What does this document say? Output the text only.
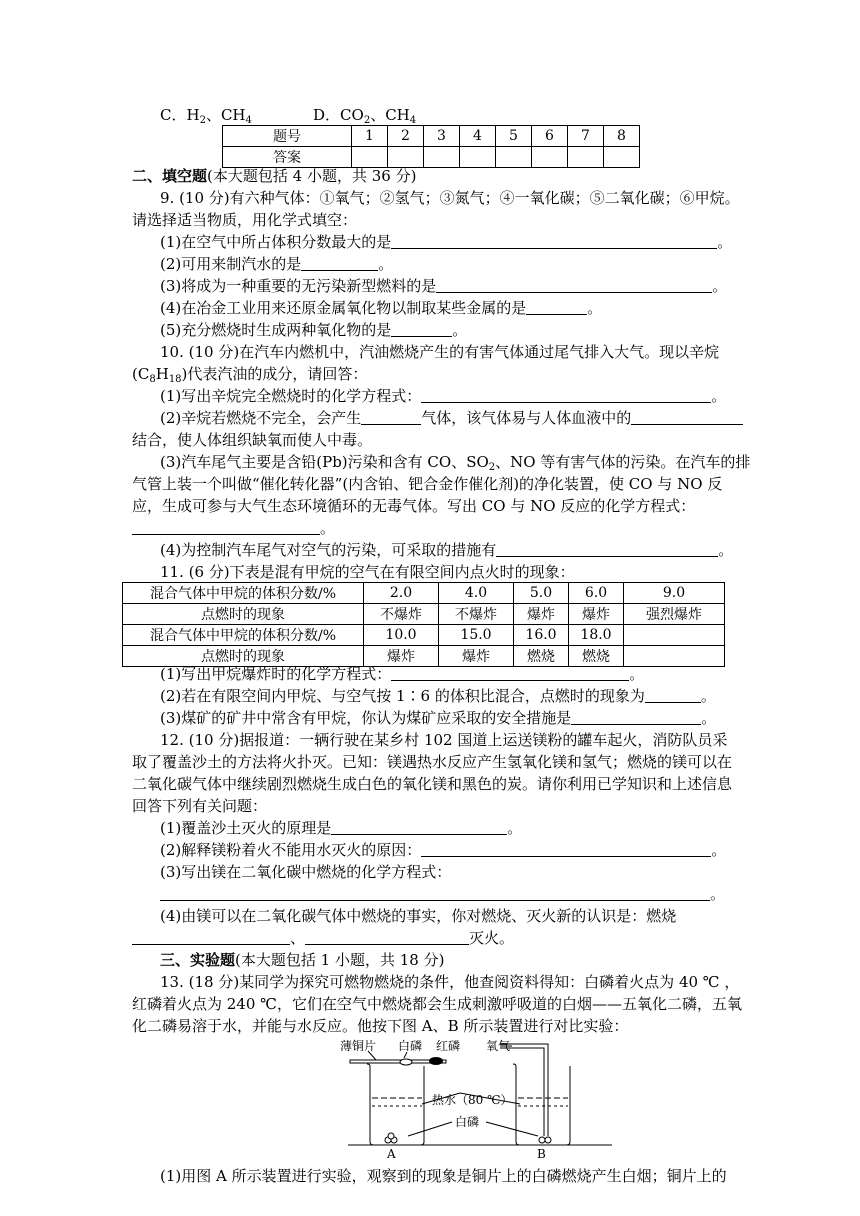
C．$H_2$、$CH_4$	D．$CO_2$、$CH_4$
题号	1	2	3	4	5	6	7	8
答案								
二、填空题(本大题包括 4 小题，共 36 分)
9. (10 分)有六种气体：①氧气；②氢气；③氮气；④一氧化碳；⑤二氧化碳；⑥甲烷。
请选择适当物质，用化学式填空：
(1)在空气中所占体积分数最大的是	。
(2)可用来制汽水的是	。
(3)将成为一种重要的无污染新型燃料的是	。
(4)在冶金工业用来还原金属氧化物以制取某些金属的是	。
(5)充分燃烧时生成两种氧化物的是	。
10. (10 分)在汽车内燃机中，汽油燃烧产生的有害气体通过尾气排入大气。现以辛烷
$(C_8H_{18})$代表汽油的成分，请回答：
(1)写出辛烷完全燃烧时的化学方程式：	。
(2)辛烷若燃烧不完全，会产生	气体，该气体易与人体血液中的
结合，使人体组织缺氧而使人中毒。
(3)汽车尾气主要是含铅(Pb)污染和含有 CO、$SO_2$、NO 等有害气体的污染。在汽车的排
气管上装一个叫做“催化转化器”(内含铂、钯合金作催化剂)的净化装置，使 CO 与 NO 反
应，生成可参与大气生态环境循环的无毒气体。写出 CO 与 NO 反应的化学方程式：
。
(4)为控制汽车尾气对空气的污染，可采取的措施有	。
11. (6 分)下表是混有甲烷的空气在有限空间内点火时的现象：
混合气体中甲烷的体积分数/%	2.0	4.0	5.0	6.0	9.0
点燃时的现象	不爆炸	不爆炸	爆炸	爆炸	强烈爆炸
混合气体中甲烷的体积分数/%	10.0	15.0	16.0	18.0	
点燃时的现象	爆炸	爆炸	燃烧	燃烧	
(1)写出甲烷爆炸时的化学方程式：	。
(2)若在有限空间内甲烷、与空气按 1∶6 的体积比混合，点燃时的现象为	。
(3)煤矿的矿井中常含有甲烷，你认为煤矿应采取的安全措施是	。
12. (10 分)据报道：一辆行驶在某乡村 102 国道上运送镁粉的罐车起火，消防队员采
取了覆盖沙土的方法将火扑灭。已知：镁遇热水反应产生氢氧化镁和氢气；燃烧的镁可以在
二氧化碳气体中继续剧烈燃烧生成白色的氧化镁和黑色的炭。请你利用已学知识和上述信息
回答下列有关问题：
(1)覆盖沙土灭火的原理是	。
(2)解释镁粉着火不能用水灭火的原因：	。
(3)写出镁在二氧化碳中燃烧的化学方程式：
。
(4)由镁可以在二氧化碳气体中燃烧的事实，你对燃烧、灭火新的认识是：燃烧
、	灭火。
三、实验题(本大题包括 1 小题，共 18 分)
13. (18 分)某同学为探究可燃物燃烧的条件，他查阅资料得知：白磷着火点为 40 ℃ ，
红磷着火点为 240 ℃，它们在空气中燃烧都会生成刺激呼吸道的白烟——五氧化二磷，五氧
化二磷易溶于水，并能与水反应。他按下图 A、B 所示装置进行对比实验：
薄铜片 白磷 红磷 氧气
热水（80 ℃）
白磷
A	B
(1)用图 A 所示装置进行实验，观察到的现象是铜片上的白磷燃烧产生白烟；铜片上的
